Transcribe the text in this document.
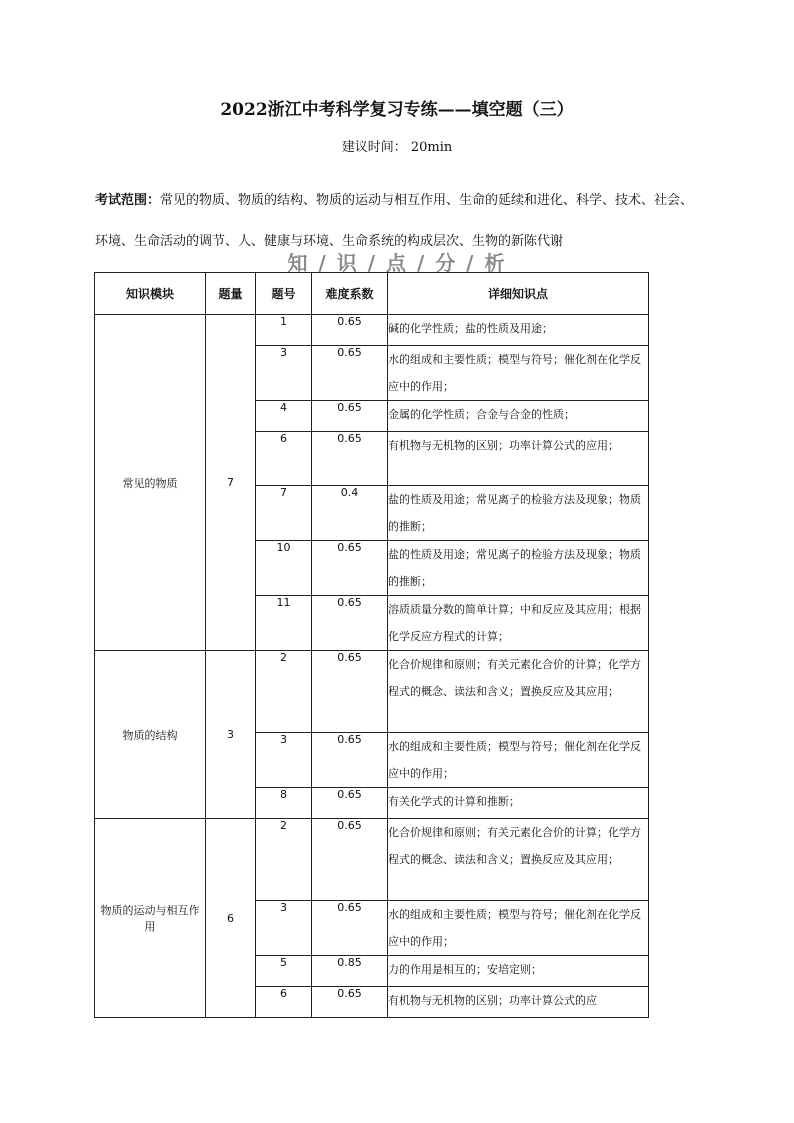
2022浙江中考科学复习专练——填空题（三）
建议时间： 20min
考试范围：常见的物质、物质的结构、物质的运动与相互作用、生命的延续和进化、科学、技术、社会、环境、生命活动的调节、人、健康与环境、生命系统的构成层次、生物的新陈代谢
知 / 识 / 点 / 分 / 析
知识模块	题量	题号	难度系数	详细知识点
常见的物质	7	1	0.65	碱的化学性质；盐的性质及用途；
		3	0.65	水的组成和主要性质；模型与符号；催化剂在化学反应中的作用；
		4	0.65	金属的化学性质；合金与合金的性质；
		6	0.65	有机物与无机物的区别；功率计算公式的应用；
		7	0.4	盐的性质及用途；常见离子的检验方法及现象；物质的推断；
		10	0.65	盐的性质及用途；常见离子的检验方法及现象；物质的推断；
		11	0.65	溶质质量分数的简单计算；中和反应及其应用；根据化学反应方程式的计算；
物质的结构	3	2	0.65	化合价规律和原则；有关元素化合价的计算；化学方程式的概念、读法和含义；置换反应及其应用；
		3	0.65	水的组成和主要性质；模型与符号；催化剂在化学反应中的作用；
		8	0.65	有关化学式的计算和推断；
物质的运动与相互作用	6	2	0.65	化合价规律和原则；有关元素化合价的计算；化学方程式的概念、读法和含义；置换反应及其应用；
		3	0.65	水的组成和主要性质；模型与符号；催化剂在化学反应中的作用；
		5	0.85	力的作用是相互的；安培定则；
		6	0.65	有机物与无机物的区别；功率计算公式的应
